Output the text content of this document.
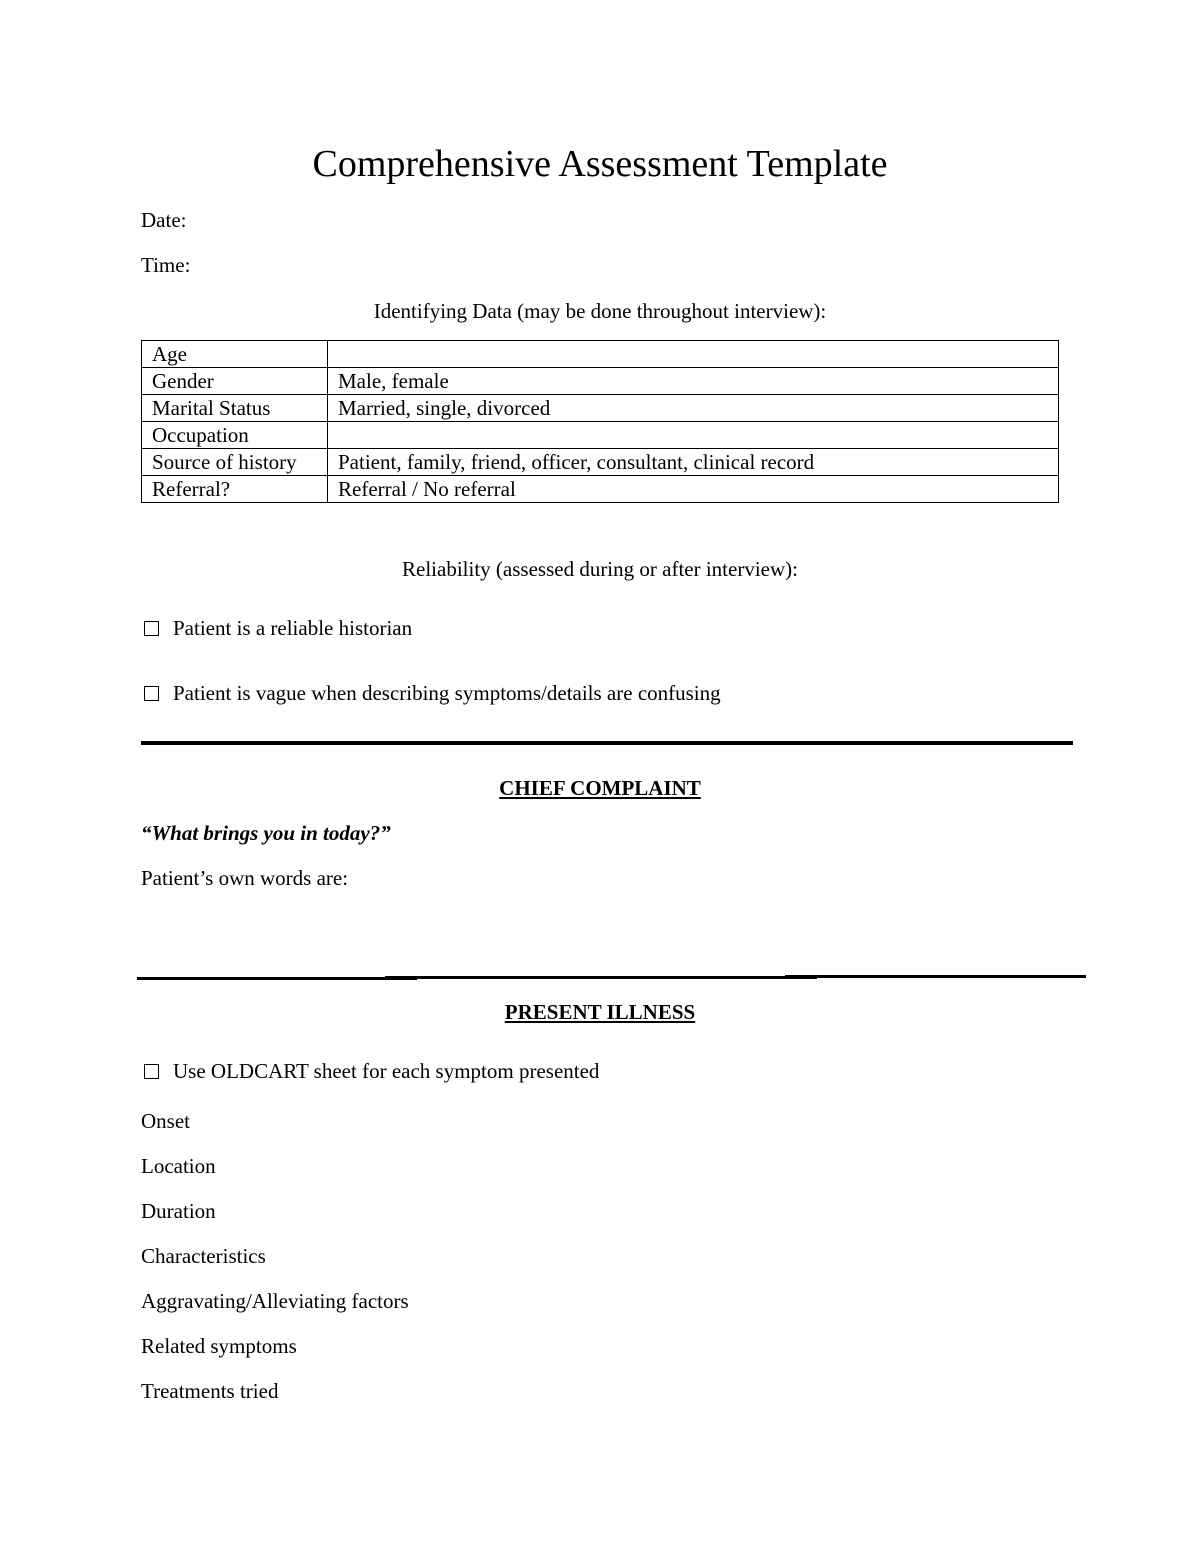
Comprehensive Assessment Template
Date:
Time:
Identifying Data (may be done throughout interview):
Age	
Gender	Male, female
Marital Status	Married, single, divorced
Occupation	
Source of history	Patient, family, friend, officer, consultant, clinical record
Referral?	Referral / No referral
Reliability (assessed during or after interview):
Patient is a reliable historian
Patient is vague when describing symptoms/details are confusing
CHIEF COMPLAINT
“What brings you in today?”
Patient’s own words are:
PRESENT ILLNESS
Use OLDCART sheet for each symptom presented
Onset
Location
Duration
Characteristics
Aggravating/Alleviating factors
Related symptoms
Treatments tried
